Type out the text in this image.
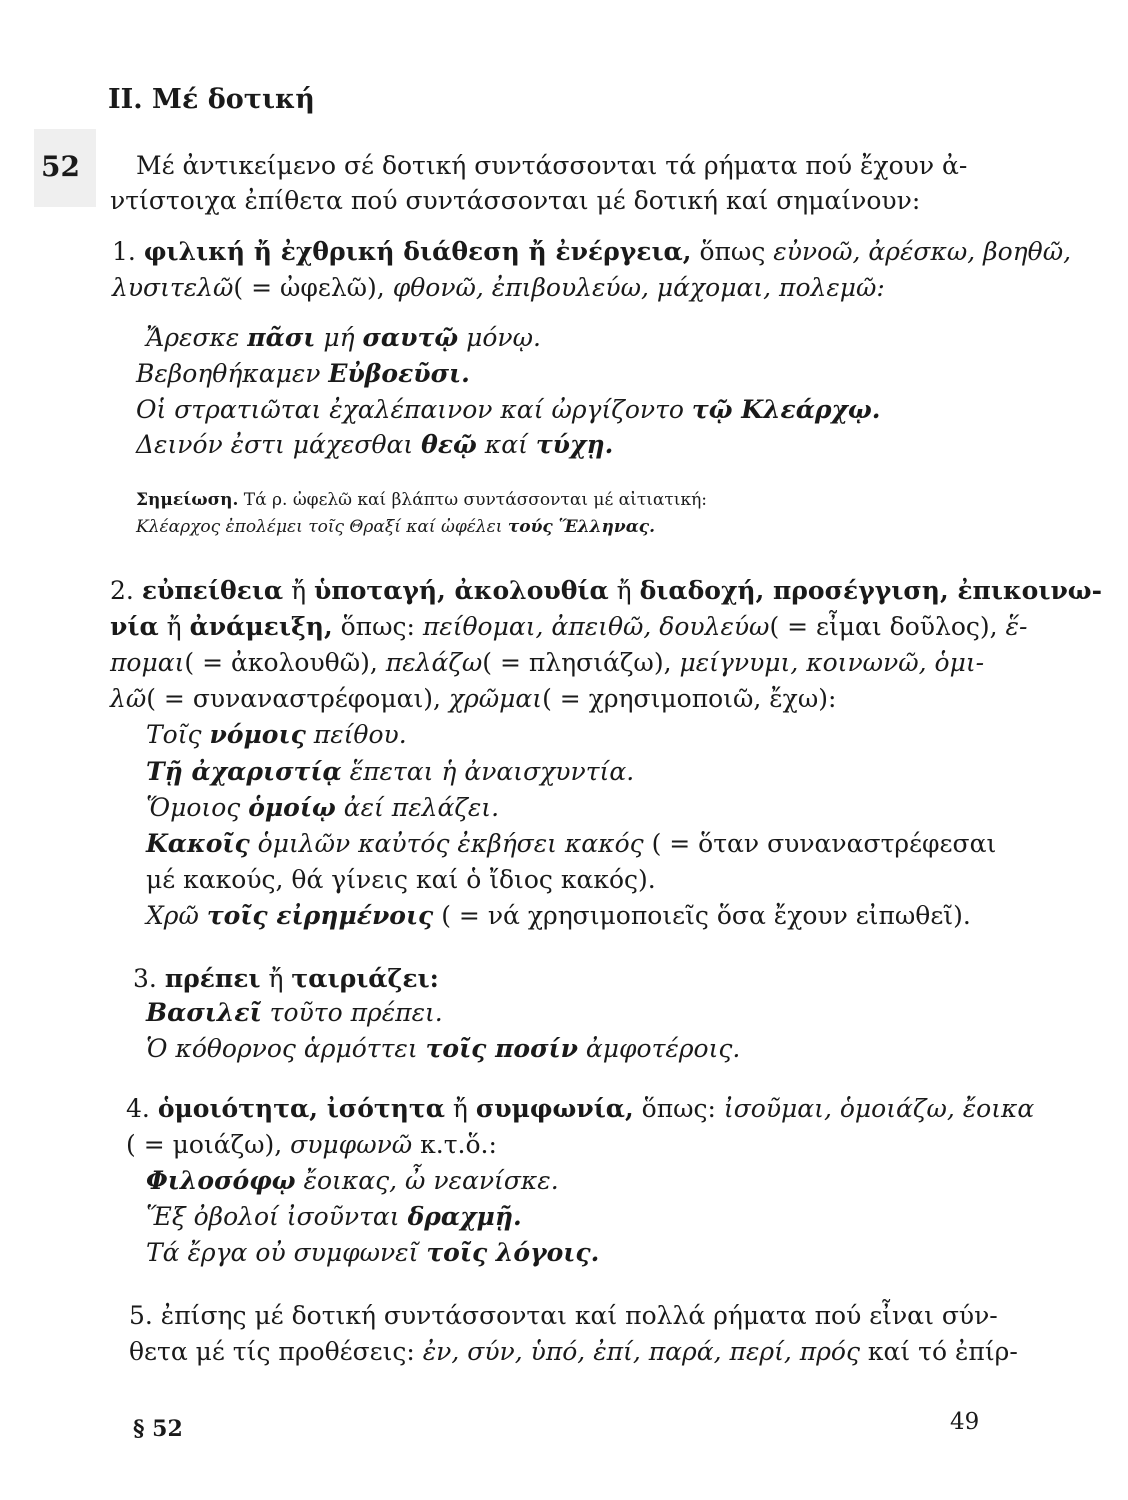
II. Μέ δοτική
52 Μέ ἀντικείμενο σέ δοτική συντάσσονται τά ρήματα πού ἔχουν ἀ-
ντίστοιχα ἐπίθετα πού συντάσσονται μέ δοτική καί σημαίνουν:
1. φιλική ἤ ἐχθρική διάθεση ἤ ἐνέργεια, ὅπως εὐνοῶ, ἀρέσκω, βοηθῶ,
λυσιτελῶ( = ὠφελῶ), φθονῶ, ἐπιβουλεύω, μάχομαι, πολεμῶ:
Ἄρεσκε πᾶσι μή σαυτῷ μόνῳ.
Βεβοηθήκαμεν Εὐβοεῦσι.
Οἱ στρατιῶται ἐχαλέπαινον καί ὠργίζοντο τῷ Κλεάρχῳ.
Δεινόν ἐστι μάχεσθαι θεῷ καί τύχῃ.
Σημείωση. Τά ρ. ὠφελῶ καί βλάπτω συντάσσονται μέ αἰτιατική:
Κλέαρχος ἐπολέμει τοῖς Θραξί καί ὠφέλει τούς Ἕλληνας.
2. εὐπείθεια ἤ ὑποταγή, ἀκολουθία ἤ διαδοχή, προσέγγιση, ἐπικοινω-
νία ἤ ἀνάμειξη, ὅπως: πείθομαι, ἀπειθῶ, δουλεύω( = εἶμαι δοῦλος), ἕ-
πομαι( = ἀκολουθῶ), πελάζω( = πλησιάζω), μείγνυμι, κοινωνῶ, ὁμι-
λῶ( = συναναστρέφομαι), χρῶμαι( = χρησιμοποιῶ, ἔχω):
Τοῖς νόμοις πείθου.
Τῇ ἀχαριστίᾳ ἕπεται ἡ ἀναισχυντία.
Ὅμοιος ὁμοίῳ ἀεί πελάζει.
Κακοῖς ὁμιλῶν καὐτός ἐκβήσει κακός ( = ὅταν συναναστρέφεσαι
μέ κακούς, θά γίνεις καί ὁ ἴδιος κακός).
Χρῶ τοῖς εἰρημένοις ( = νά χρησιμοποιεῖς ὅσα ἔχουν εἰπωθεῖ).
3. πρέπει ἤ ταιριάζει:
Βασιλεῖ τοῦτο πρέπει.
Ὁ κόθορνος ἁρμόττει τοῖς ποσίν ἀμφοτέροις.
4. ὁμοιότητα, ἰσότητα ἤ συμφωνία, ὅπως: ἰσοῦμαι, ὁμοιάζω, ἔοικα
( = μοιάζω), συμφωνῶ κ.τ.ὅ.:
Φιλοσόφῳ ἔοικας, ὦ νεανίσκε.
Ἕξ ὀβολοί ἰσοῦνται δραχμῇ.
Τά ἔργα οὐ συμφωνεῖ τοῖς λόγοις.
5. ἐπίσης μέ δοτική συντάσσονται καί πολλά ρήματα πού εἶναι σύν-
θετα μέ τίς προθέσεις: ἐν, σύν, ὑπό, ἐπί, παρά, περί, πρός καί τό ἐπίρ-
§ 52	49
